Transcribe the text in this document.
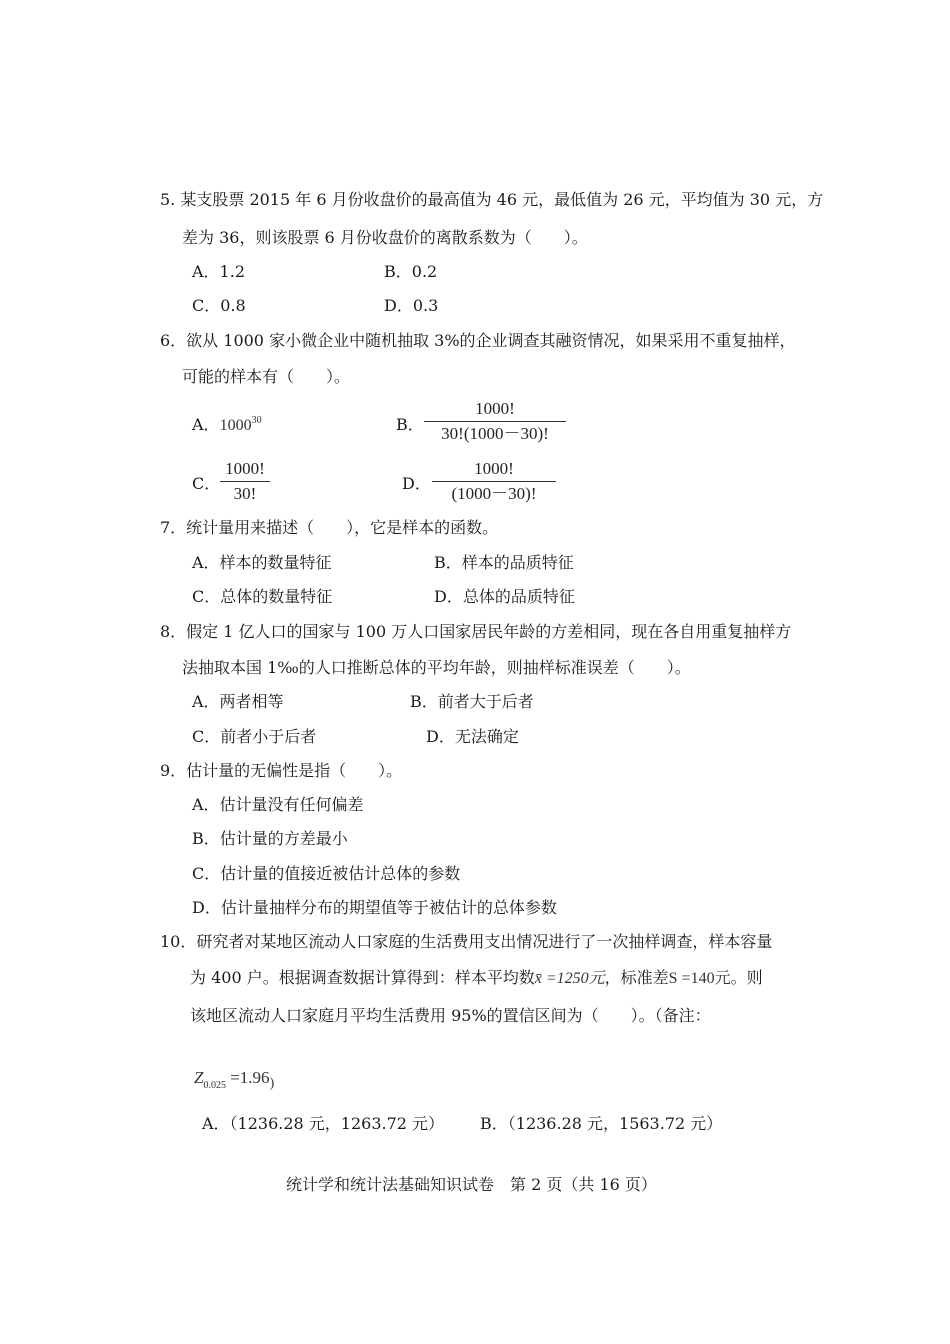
5. 某支股票 2015 年 6 月份收盘价的最高值为 46 元，最低值为 26 元，平均值为 30 元，方
差为 36，则该股票 6 月份收盘价的离散系数为（　　）。
A．1.2	B．0.2
C．0.8	D．0.3
6．欲从 1000 家小微企业中随机抽取 3%的企业调查其融资情况，如果采用不重复抽样，
可能的样本有（　　）。
A．1000$^{30}$	B．
1000!
30!(1000－30)!
C．
1000!
30!
D．
1000!
(1000－30)!
7．统计量用来描述（　　），它是样本的函数。
A．样本的数量特征	B．样本的品质特征
C．总体的数量特征	D．总体的品质特征
8．假定 1 亿人口的国家与 100 万人口国家居民年龄的方差相同，现在各自用重复抽样方
法抽取本国 1‰的人口推断总体的平均年龄，则抽样标准误差（　　）。
A．两者相等	B．前者大于后者
C．前者小于后者	D．无法确定
9．估计量的无偏性是指（　　）。
A．估计量没有任何偏差
B．估计量的方差最小
C．估计量的值接近被估计总体的参数
D．估计量抽样分布的期望值等于被估计的总体参数
10．研究者对某地区流动人口家庭的生活费用支出情况进行了一次抽样调查，样本容量
为 400 户。根据调查数据计算得到：样本平均数x̄ =1250元，标准差S =140元。则
该地区流动人口家庭月平均生活费用 95%的置信区间为（　　）。（备注：
$Z_{0.025} =1.96_)$
A．（1236.28 元，1263.72 元） B．（1236.28 元，1563.72 元）
统计学和统计法基础知识试卷　第 2 页（共 16 页）
